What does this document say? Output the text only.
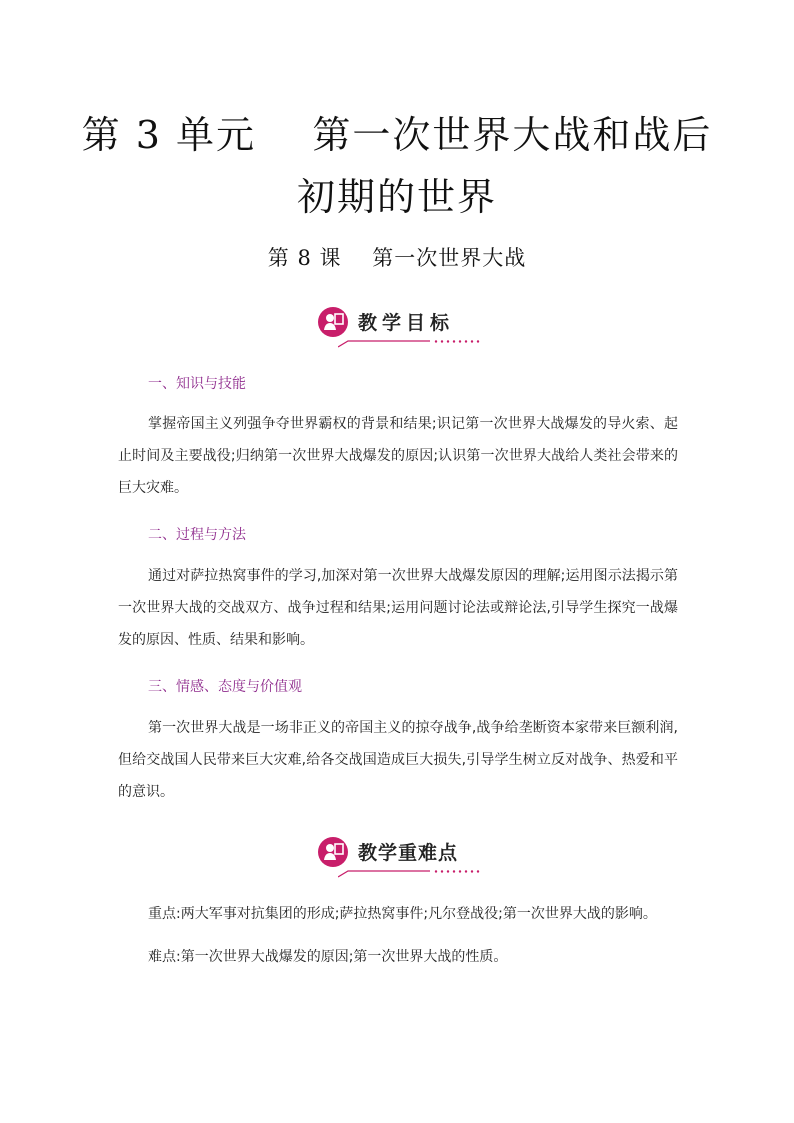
第 3 单元    第一次世界大战和战后
初期的世界
第 8 课    第一次世界大战
教学目标
一、知识与技能
掌握帝国主义列强争夺世界霸权的背景和结果;识记第一次世界大战爆发的导火索、起止时间及主要战役;归纳第一次世界大战爆发的原因;认识第一次世界大战给人类社会带来的巨大灾难。
二、过程与方法
通过对萨拉热窝事件的学习,加深对第一次世界大战爆发原因的理解;运用图示法揭示第一次世界大战的交战双方、战争过程和结果;运用问题讨论法或辩论法,引导学生探究一战爆发的原因、性质、结果和影响。
三、情感、态度与价值观
第一次世界大战是一场非正义的帝国主义的掠夺战争,战争给垄断资本家带来巨额利润,但给交战国人民带来巨大灾难,给各交战国造成巨大损失,引导学生树立反对战争、热爱和平的意识。
教学重难点
重点:两大军事对抗集团的形成;萨拉热窝事件;凡尔登战役;第一次世界大战的影响。
难点:第一次世界大战爆发的原因;第一次世界大战的性质。
